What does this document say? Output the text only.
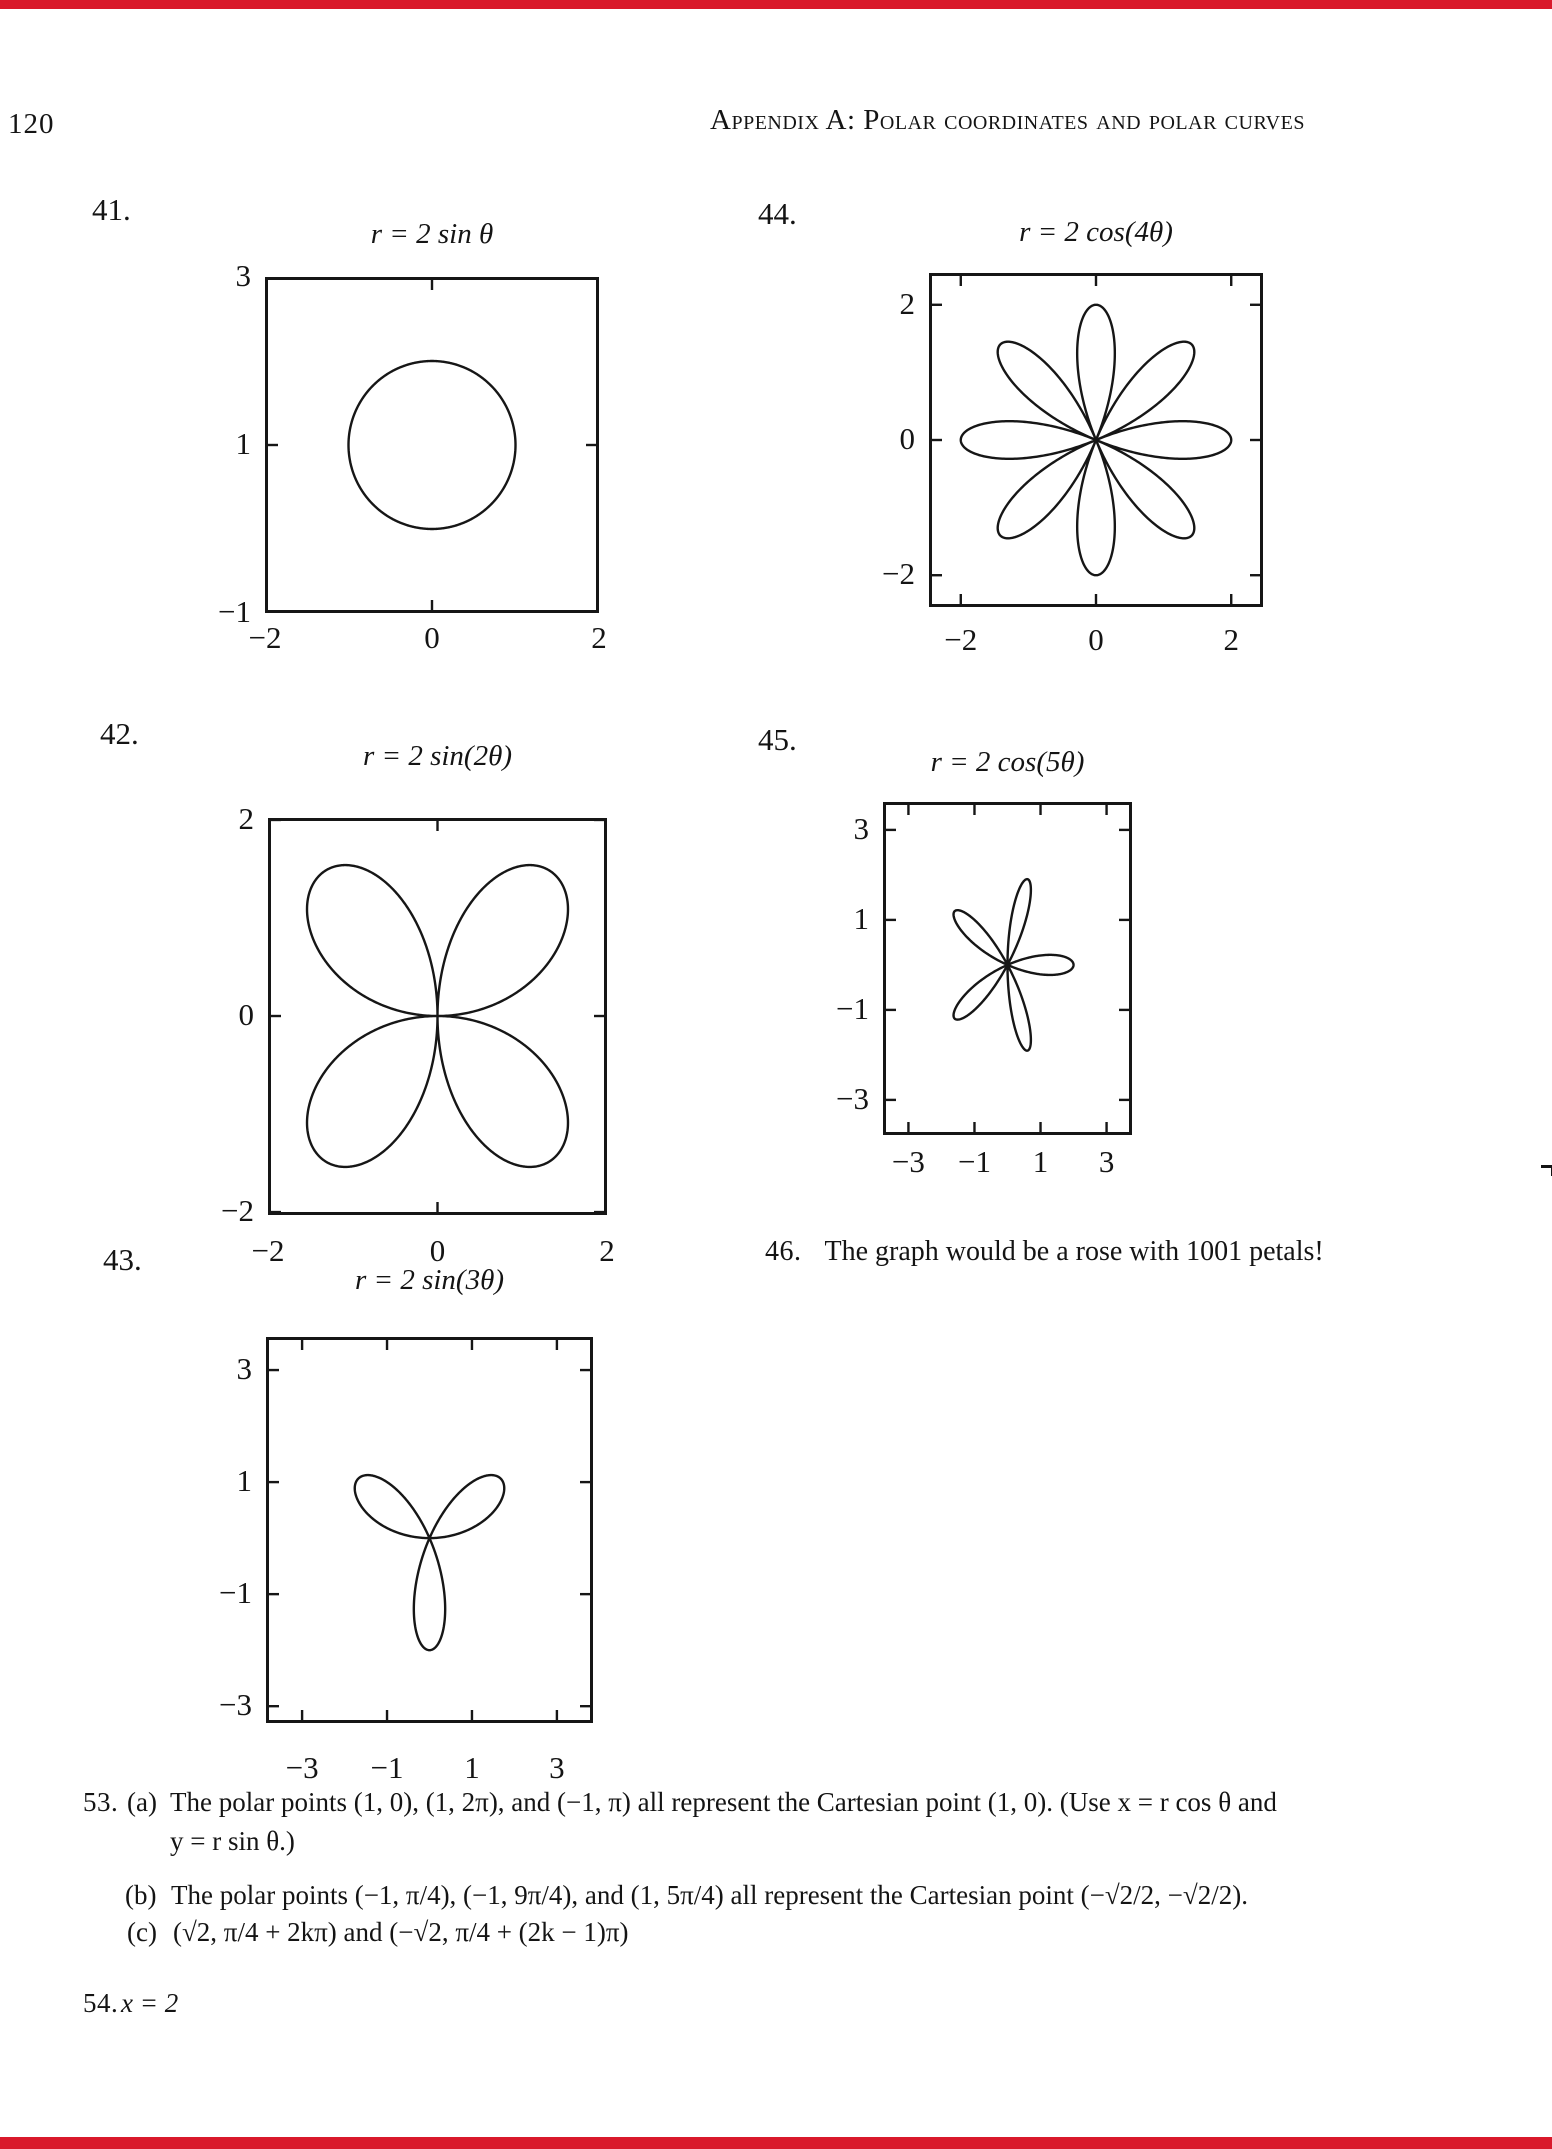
120	Appendix A: Polar coordinates and polar curves
41.
r = 2 sin θ
−2	0	2
−1
1
3
44.
r = 2 cos(4θ)
−2	0	2
−2
0
2
42.
r = 2 sin(2θ)
−2	0	2
−2
0
2
45.
r = 2 cos(5θ)
−3	−1	1	3
−3
−1
1
3
43.
r = 2 sin(3θ)
−3	−1	1	3
−3
−1
1
3
46. The graph would be a rose with 1001 petals!
53. (a) The polar points (1, 0), (1, 2π), and (−1, π) all represent the Cartesian point (1, 0). (Use x = r cos θ and
y = r sin θ.)
(b) The polar points (−1, π/4), (−1, 9π/4), and (1, 5π/4) all represent the Cartesian point (−√2/2, −√2/2).
(c) (√2, π/4 + 2kπ) and (−√2, π/4 + (2k − 1)π)
54. x = 2
